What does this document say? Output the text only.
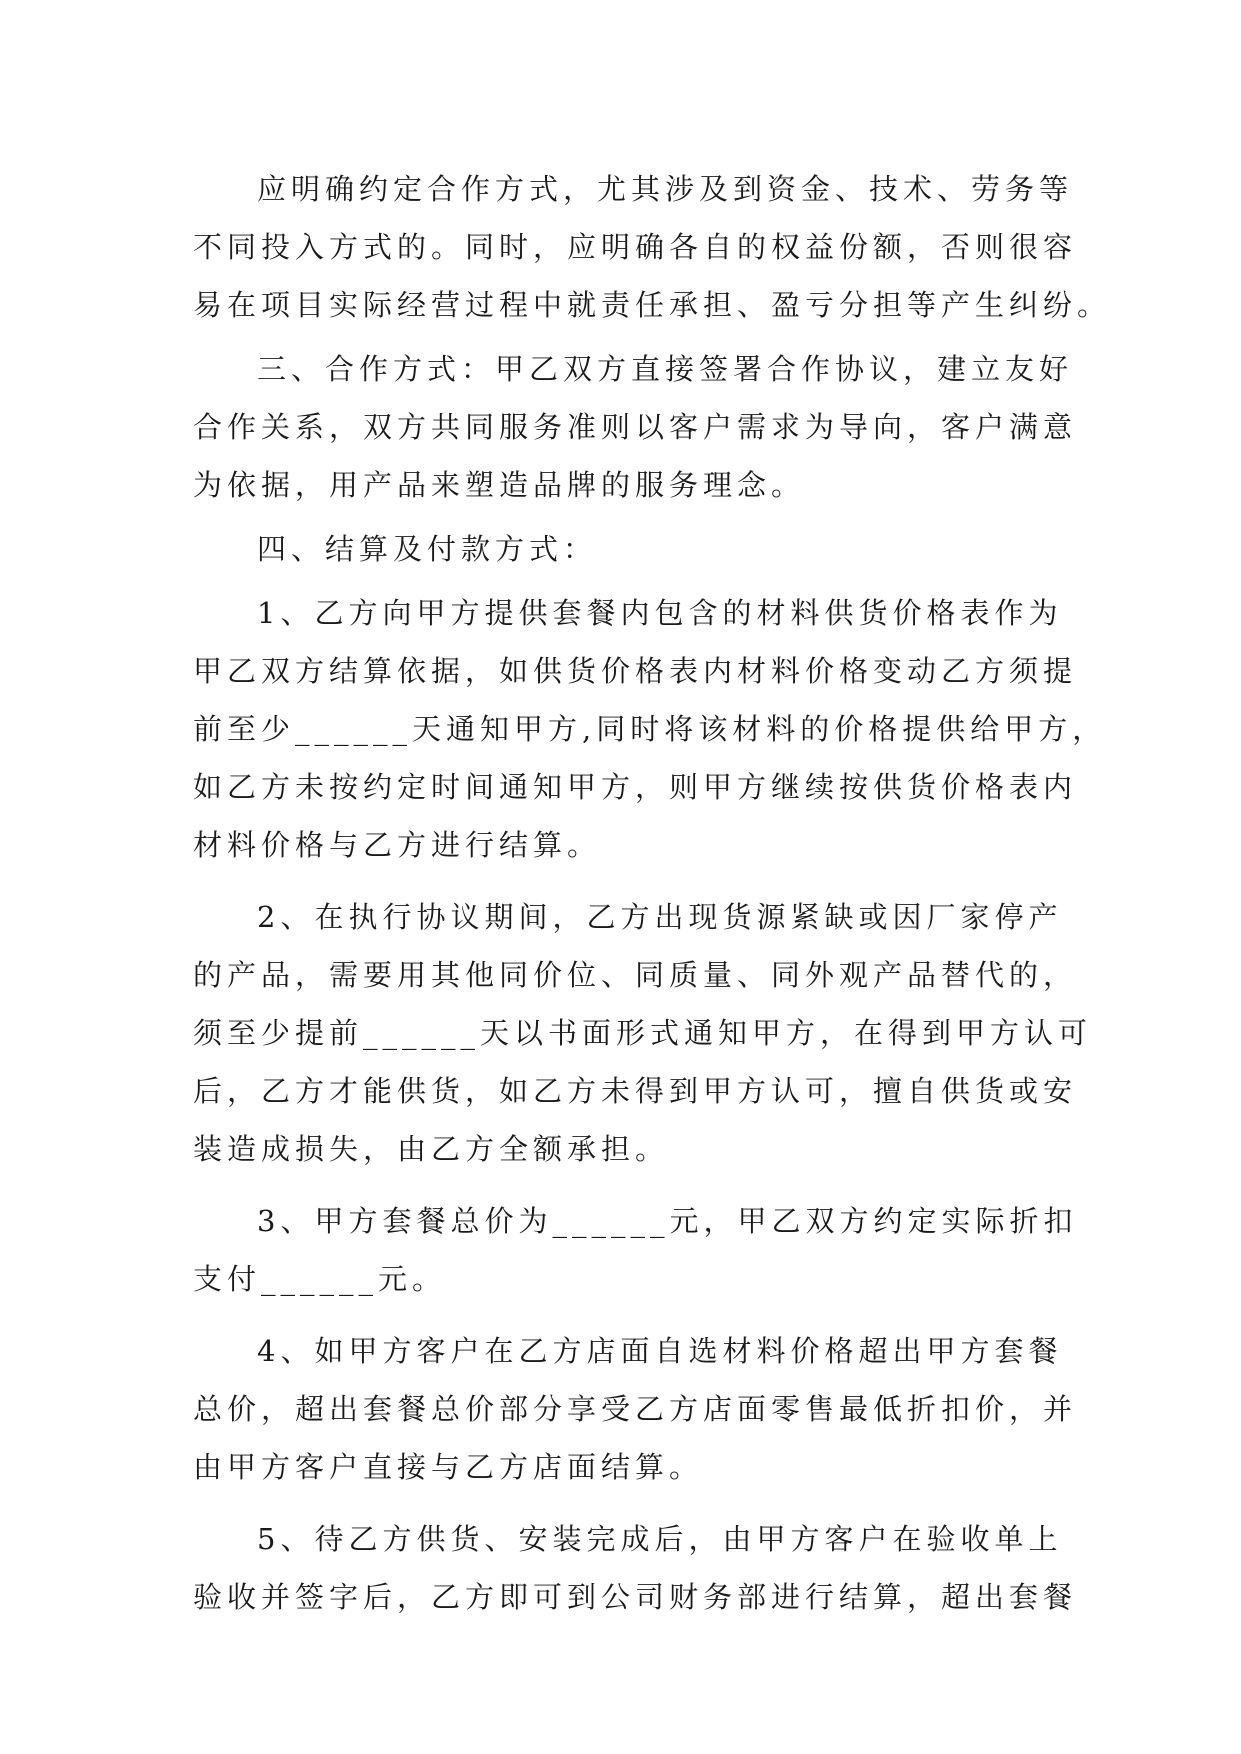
应明确约定合作方式，尤其涉及到资金、技术、劳务等
不同投入方式的。同时，应明确各自的权益份额，否则很容
易在项目实际经营过程中就责任承担、盈亏分担等产生纠纷。
三、合作方式：甲乙双方直接签署合作协议，建立友好
合作关系，双方共同服务准则以客户需求为导向，客户满意
为依据，用产品来塑造品牌的服务理念。
四、结算及付款方式：
1、乙方向甲方提供套餐内包含的材料供货价格表作为
甲乙双方结算依据，如供货价格表内材料价格变动乙方须提
前至少______天通知甲方,同时将该材料的价格提供给甲方，
如乙方未按约定时间通知甲方，则甲方继续按供货价格表内
材料价格与乙方进行结算。
2、在执行协议期间，乙方出现货源紧缺或因厂家停产
的产品，需要用其他同价位、同质量、同外观产品替代的，
须至少提前______天以书面形式通知甲方，在得到甲方认可
后，乙方才能供货，如乙方未得到甲方认可，擅自供货或安
装造成损失，由乙方全额承担。
3、甲方套餐总价为______元，甲乙双方约定实际折扣
支付______元。
4、如甲方客户在乙方店面自选材料价格超出甲方套餐
总价，超出套餐总价部分享受乙方店面零售最低折扣价，并
由甲方客户直接与乙方店面结算。
5、待乙方供货、安装完成后，由甲方客户在验收单上
验收并签字后，乙方即可到公司财务部进行结算，超出套餐
